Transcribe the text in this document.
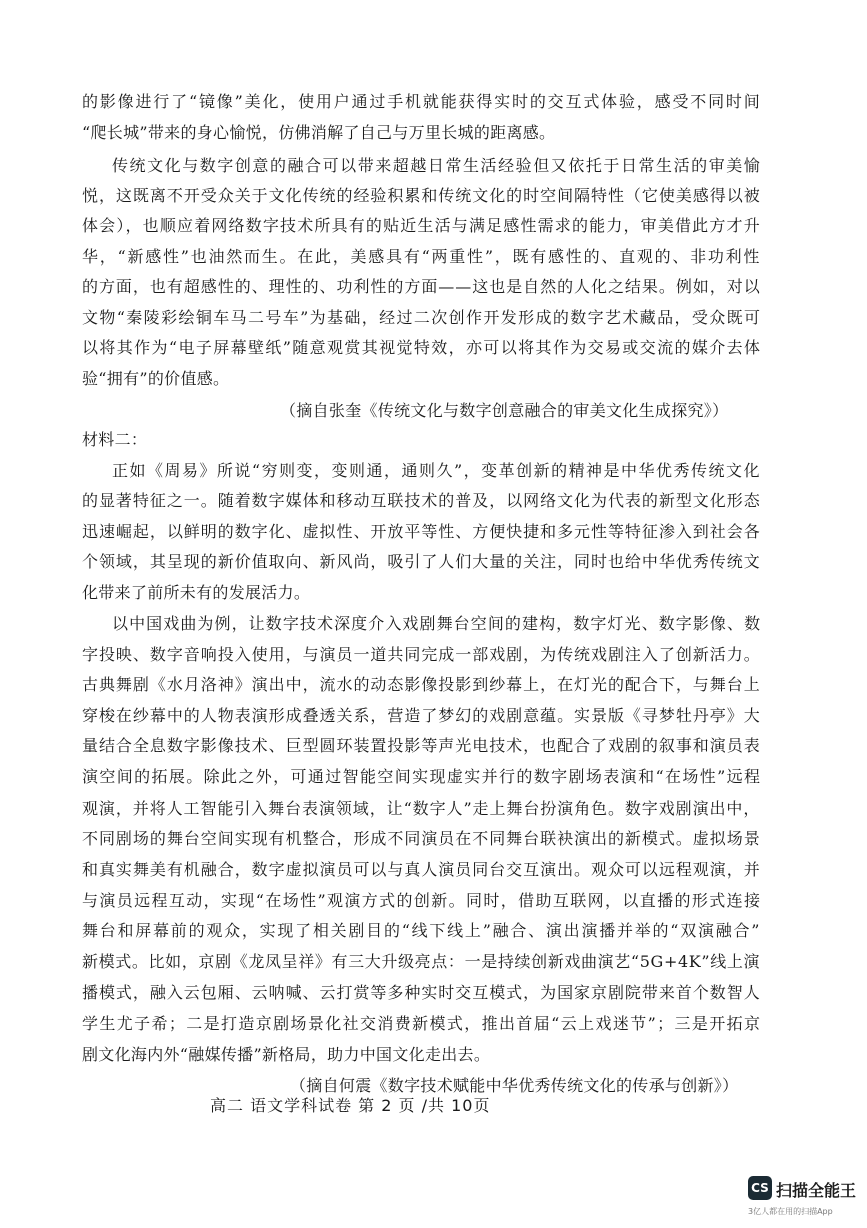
的影像进行了“镜像”美化，使用户通过手机就能获得实时的交互式体验，感受不同时间
“爬长城”带来的身心愉悦，仿佛消解了自己与万里长城的距离感。
传统文化与数字创意的融合可以带来超越日常生活经验但又依托于日常生活的审美愉
悦，这既离不开受众关于文化传统的经验积累和传统文化的时空间隔特性（它使美感得以被
体会），也顺应着网络数字技术所具有的贴近生活与满足感性需求的能力，审美借此方才升
华，“新感性”也油然而生。在此，美感具有“两重性”，既有感性的、直观的、非功利性
的方面，也有超感性的、理性的、功利性的方面——这也是自然的人化之结果。例如，对以
文物“秦陵彩绘铜车马二号车”为基础，经过二次创作开发形成的数字艺术藏品，受众既可
以将其作为“电子屏幕壁纸”随意观赏其视觉特效，亦可以将其作为交易或交流的媒介去体
验“拥有”的价值感。
（摘自张奎《传统文化与数字创意融合的审美文化生成探究》）
材料二：
正如《周易》所说“穷则变，变则通，通则久”，变革创新的精神是中华优秀传统文化
的显著特征之一。随着数字媒体和移动互联技术的普及，以网络文化为代表的新型文化形态
迅速崛起，以鲜明的数字化、虚拟性、开放平等性、方便快捷和多元性等特征渗入到社会各
个领域，其呈现的新价值取向、新风尚，吸引了人们大量的关注，同时也给中华优秀传统文
化带来了前所未有的发展活力。
以中国戏曲为例，让数字技术深度介入戏剧舞台空间的建构，数字灯光、数字影像、数
字投映、数字音响投入使用，与演员一道共同完成一部戏剧，为传统戏剧注入了创新活力。
古典舞剧《水月洛神》演出中，流水的动态影像投影到纱幕上，在灯光的配合下，与舞台上
穿梭在纱幕中的人物表演形成叠透关系，营造了梦幻的戏剧意蕴。实景版《寻梦牡丹亭》大
量结合全息数字影像技术、巨型圆环装置投影等声光电技术，也配合了戏剧的叙事和演员表
演空间的拓展。除此之外，可通过智能空间实现虚实并行的数字剧场表演和“在场性”远程
观演，并将人工智能引入舞台表演领域，让“数字人”走上舞台扮演角色。数字戏剧演出中，
不同剧场的舞台空间实现有机整合，形成不同演员在不同舞台联袂演出的新模式。虚拟场景
和真实舞美有机融合，数字虚拟演员可以与真人演员同台交互演出。观众可以远程观演，并
与演员远程互动，实现“在场性”观演方式的创新。同时，借助互联网，以直播的形式连接
舞台和屏幕前的观众，实现了相关剧目的“线下线上”融合、演出演播并举的“双演融合”
新模式。比如，京剧《龙凤呈祥》有三大升级亮点：一是持续创新戏曲演艺“5G+4K”线上演
播模式，融入云包厢、云呐喊、云打赏等多种实时交互模式，为国家京剧院带来首个数智人
学生尤子希；二是打造京剧场景化社交消费新模式，推出首届“云上戏迷节”；三是开拓京
剧文化海内外“融媒传播”新格局，助力中国文化走出去。
（摘自何震《数字技术赋能中华优秀传统文化的传承与创新》）
高二 语文学科试卷 第 2 页 /共 10页
CS 扫描全能王
3亿人都在用的扫描App
